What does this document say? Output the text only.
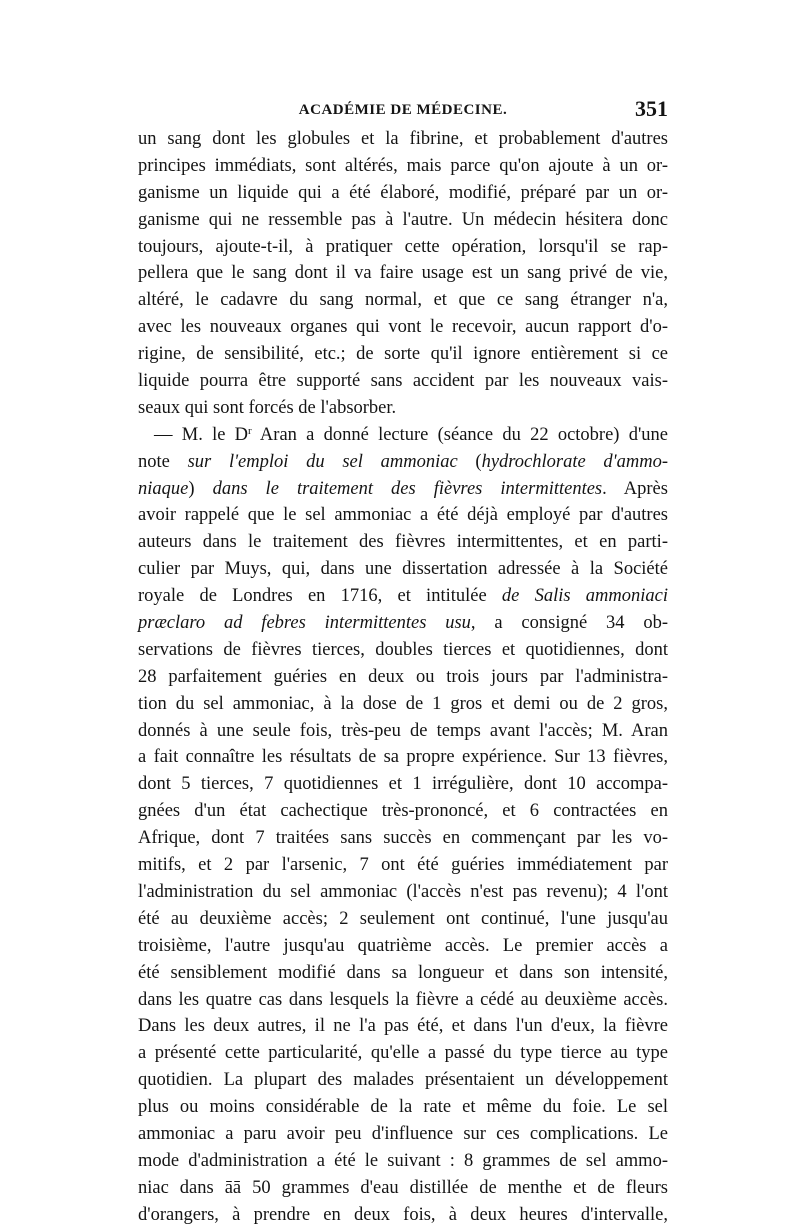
ACADÉMIE DE MÉDECINE.	351
un sang dont les globules et la fibrine, et probablement d'autres
principes immédiats, sont altérés, mais parce qu'on ajoute à un or-
ganisme un liquide qui a été élaboré, modifié, préparé par un or-
ganisme qui ne ressemble pas à l'autre. Un médecin hésitera donc
toujours, ajoute-t-il, à pratiquer cette opération, lorsqu'il se rap-
pellera que le sang dont il va faire usage est un sang privé de vie,
altéré, le cadavre du sang normal, et que ce sang étranger n'a,
avec les nouveaux organes qui vont le recevoir, aucun rapport d'o-
rigine, de sensibilité, etc.; de sorte qu'il ignore entièrement si ce
liquide pourra être supporté sans accident par les nouveaux vais-
seaux qui sont forcés de l'absorber.
— M. le $D^r$ Aran a donné lecture (séance du 22 octobre) d'une
note sur l'emploi du sel ammoniac (hydrochlorate d'ammo-
niaque) dans le traitement des fièvres intermittentes. Après
avoir rappelé que le sel ammoniac a été déjà employé par d'autres
auteurs dans le traitement des fièvres intermittentes, et en parti-
culier par Muys, qui, dans une dissertation adressée à la Société
royale de Londres en 1716, et intitulée de Salis ammoniaci
præclaro ad febres intermittentes usu, a consigné 34 ob-
servations de fièvres tierces, doubles tierces et quotidiennes, dont
28 parfaitement guéries en deux ou trois jours par l'administra-
tion du sel ammoniac, à la dose de 1 gros et demi ou de 2 gros,
donnés à une seule fois, très-peu de temps avant l'accès; M. Aran
a fait connaître les résultats de sa propre expérience. Sur 13 fièvres,
dont 5 tierces, 7 quotidiennes et 1 irrégulière, dont 10 accompa-
gnées d'un état cachectique très-prononcé, et 6 contractées en
Afrique, dont 7 traitées sans succès en commençant par les vo-
mitifs, et 2 par l'arsenic, 7 ont été guéries immédiatement par
l'administration du sel ammoniac (l'accès n'est pas revenu); 4 l'ont
été au deuxième accès; 2 seulement ont continué, l'une jusqu'au
troisième, l'autre jusqu'au quatrième accès. Le premier accès a
été sensiblement modifié dans sa longueur et dans son intensité,
dans les quatre cas dans lesquels la fièvre a cédé au deuxième accès.
Dans les deux autres, il ne l'a pas été, et dans l'un d'eux, la fièvre
a présenté cette particularité, qu'elle a passé du type tierce au type
quotidien. La plupart des malades présentaient un développement
plus ou moins considérable de la rate et même du foie. Le sel
ammoniac a paru avoir peu d'influence sur ces complications. Le
mode d'administration a été le suivant : 8 grammes de sel ammo-
niac dans āā 50 grammes d'eau distillée de menthe et de fleurs
d'orangers, à prendre en deux fois, à deux heures d'intervalle,
